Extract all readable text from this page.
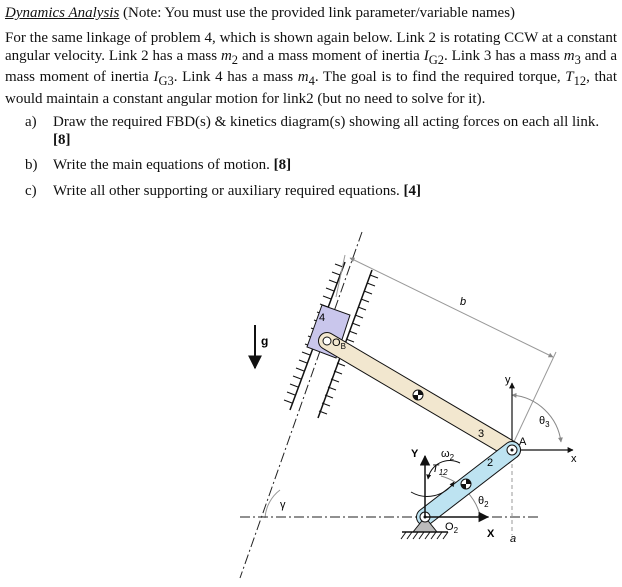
Dynamics Analysis (Note: You must use the provided link parameter/variable names)

For the same linkage of problem 4, which is shown again below. Link 2 is rotating CCW at a constant angular velocity. Link 2 has a mass $m_2$ and a mass moment of inertia $I_{G2}$. Link 3 has a mass $m_3$ and a mass moment of inertia $I_{G3}$. Link 4 has a mass $m_4$. The goal is to find the required torque, $T_{12}$, that would maintain a constant angular motion for link2 (but no need to solve for it).

a)	Draw the required FBD(s) & kinetics diagram(s) showing all acting forces on each all link. [8]
b)	Write the main equations of motion. [8]
c)	Write all other supporting or auxiliary required equations. [4]
4
b
g
y
x
3
2
$O_B$
A
$\theta_3$
$\theta_2$
$O_2$
Y
X
$\omega_2$
$T_{12}$
a
γ
